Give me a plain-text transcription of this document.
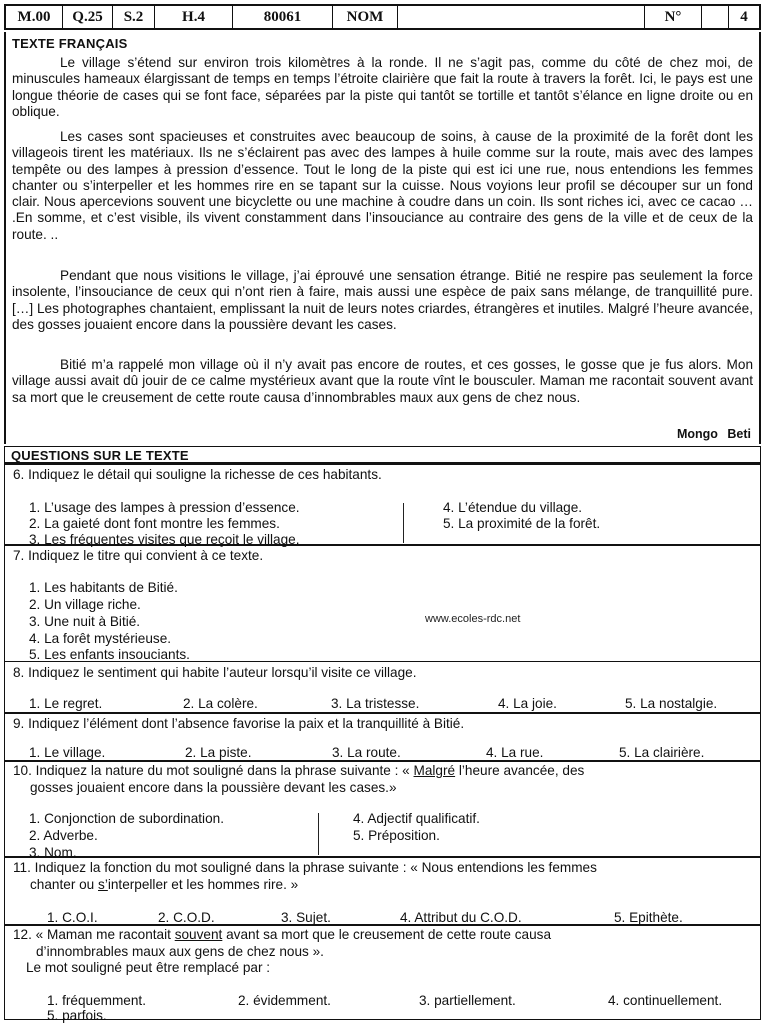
M.00	Q.25	S.2	H.4	80061	NOM	N°	4
TEXTE FRANÇAIS

Le village s’étend sur environ trois kilomètres à la ronde. Il ne s’agit pas, comme du côté de chez moi, de minuscules hameaux élargissant de temps en temps l’étroite clairière que fait la route à travers la forêt. Ici, le pays est une longue théorie de cases qui se font face, séparées par la piste qui tantôt se tortille et tantôt s’élance en ligne droite ou en oblique.

Les cases sont spacieuses et construites avec beaucoup de soins, à cause de la proximité de la forêt dont les villageois tirent les matériaux. Ils ne s’éclairent pas avec des lampes à huile comme sur la route, mais avec des lampes tempête ou des lampes à pression d’essence. Tout le long de la piste qui est ici une rue, nous entendions les femmes chanter ou s’interpeller et les hommes rire en se tapant sur la cuisse. Nous voyions leur profil se découper sur un fond clair. Nous apercevions souvent une bicyclette ou une machine à coudre dans un coin. Ils sont riches ici, avec ce cacao … .En somme, et c’est visible, ils vivent constamment dans l’insouciance au contraire des gens de la ville et de ceux de la route. ..

Pendant que nous visitions le village, j’ai éprouvé une sensation étrange. Bitié ne respire pas seulement la force insolente, l’insouciance de ceux qui n’ont rien à faire, mais aussi une espèce de paix sans mélange, de tranquillité pure. […] Les photographes chantaient, emplissant la nuit de leurs notes criardes, étrangères et inutiles. Malgré l’heure avancée, des gosses jouaient encore dans la poussière devant les cases.

Bitié m’a rappelé mon village où il n’y avait pas encore de routes, et ces gosses, le gosse que je fus alors. Mon village aussi avait dû jouir de ce calme mystérieux avant que la route vînt le bousculer. Maman me racontait souvent avant sa mort que le creusement de cette route causa d’innombrables maux aux gens de chez nous.

Mongo Beti
QUESTIONS SUR LE TEXTE

6. Indiquez le détail qui souligne la richesse de ces habitants.

1. L’usage des lampes à pression d’essence.
2. La gaieté dont font montre les femmes.
3. Les fréquentes visites que reçoit le village.
4. L’étendue du village.
5. La proximité de la forêt.

7. Indiquez le titre qui convient à ce texte.

1. Les habitants de Bitié.
2. Un village riche.
3. Une nuit à Bitié.
4. La forêt mystérieuse.
5. Les enfants insouciants.
www.ecoles-rdc.net

8. Indiquez le sentiment qui habite l’auteur lorsqu’il visite ce village.

1. Le regret.	2. La colère.	3. La tristesse.	4. La joie.	5. La nostalgie.

9. Indiquez l’élément dont l’absence favorise la paix et la tranquillité à Bitié.

1. Le village.	2. La piste.	3. La route.	4. La rue.	5. La clairière.

10. Indiquez la nature du mot souligné dans la phrase suivante : « Malgré l’heure avancée, des
gosses jouaient encore dans la poussière devant les cases.»

1. Conjonction de subordination.
2. Adverbe.
3. Nom.
4. Adjectif qualificatif.
5. Préposition.

11. Indiquez la fonction du mot souligné dans la phrase suivante : « Nous entendions les femmes
chanter ou s’interpeller et les hommes rire. »

1. C.O.I.	2. C.O.D.	3. Sujet.	4. Attribut du C.O.D.	5. Epithète.

12. « Maman me racontait souvent avant sa mort que le creusement de cette route causa
d’innombrables maux aux gens de chez nous ».
Le mot souligné peut être remplacé par :

1. fréquemment.	2. évidemment.	3. partiellement.	4. continuellement.
5. parfois.
